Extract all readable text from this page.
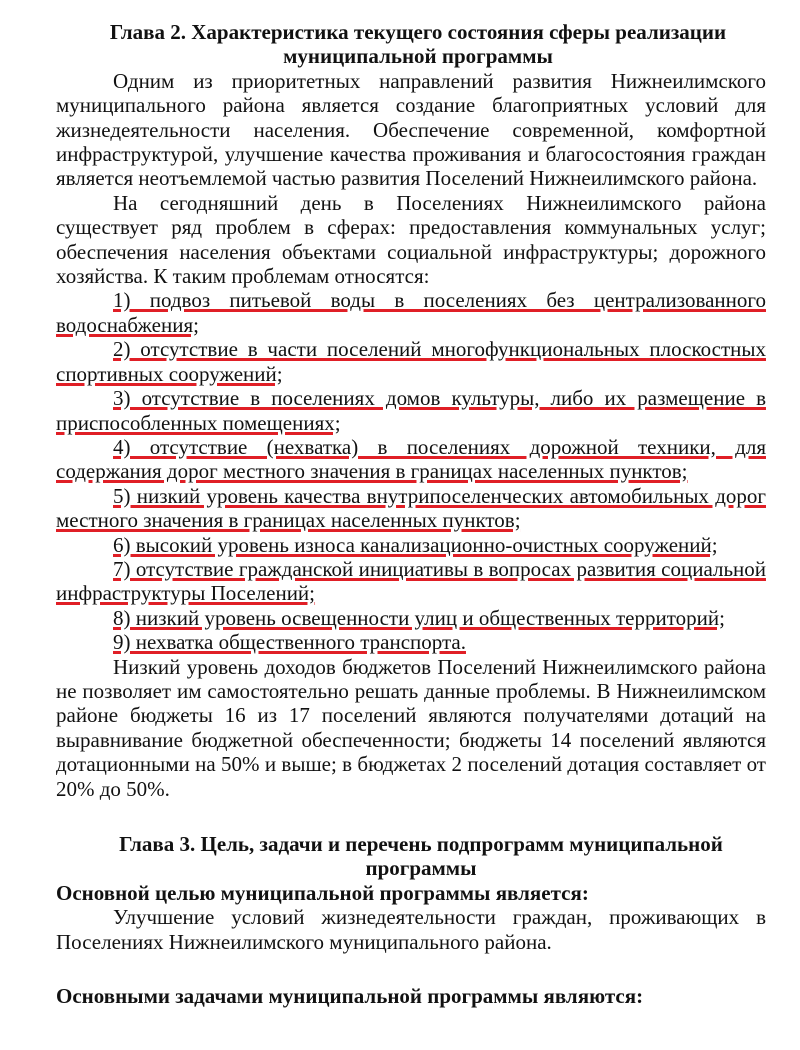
Глава 2. Характеристика текущего состояния сферы реализации
муниципальной программы

Одним из приоритетных направлений развития Нижнеилимского муниципального района является создание благоприятных условий для жизнедеятельности населения. Обеспечение современной, комфортной инфраструктурой, улучшение качества проживания и благосостояния граждан является неотъемлемой частью развития Поселений Нижнеилимского района.

На сегодняшний день в Поселениях Нижнеилимского района существует ряд проблем в сферах: предоставления коммунальных услуг; обеспечения населения объектами социальной инфраструктуры; дорожного хозяйства. К таким проблемам относятся:

1) подвоз питьевой воды в поселениях без централизованного водоснабжения;
2) отсутствие в части поселений многофункциональных плоскостных спортивных сооружений;
3) отсутствие в поселениях домов культуры, либо их размещение в приспособленных помещениях;
4) отсутствие (нехватка) в поселениях дорожной техники, для содержания дорог местного значения в границах населенных пунктов;
5) низкий уровень качества внутрипоселенческих автомобильных дорог местного значения в границах населенных пунктов;
6) высокий уровень износа канализационно-очистных сооружений;
7) отсутствие гражданской инициативы в вопросах развития социальной инфраструктуры Поселений;
8) низкий уровень освещенности улиц и общественных территорий;
9) нехватка общественного транспорта.

Низкий уровень доходов бюджетов Поселений Нижнеилимского района не позволяет им самостоятельно решать данные проблемы. В Нижнеилимском районе бюджеты 16 из 17 поселений являются получателями дотаций на выравнивание бюджетной обеспеченности; бюджеты 14 поселений являются дотационными на 50% и выше; в бюджетах 2 поселений дотация составляет от 20% до 50%.

Глава 3. Цель, задачи и перечень подпрограмм муниципальной
программы

Основной целью муниципальной программы является:

Улучшение условий жизнедеятельности граждан, проживающих в Поселениях Нижнеилимского муниципального района.

Основными задачами муниципальной программы являются:
